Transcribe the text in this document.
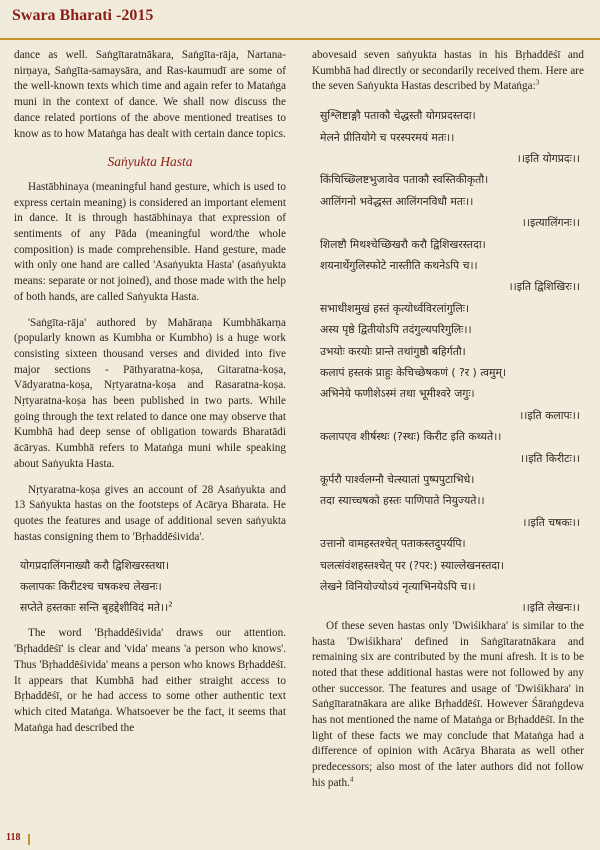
Swara Bharati -2015

dance as well. Saṅgītaratnākara, Saṅgīta-rāja, Nartana-nirṇaya, Saṅgīta-samaysāra, and Ras-kaumudī are some of the well-known texts which time and again refer to Mataṅga muni in the context of dance. We shall now discuss the dance related portions of the above mentioned treatises to know as to how Mataṅga has dealt with certain dance topics.

Saṅyukta Hasta

Hastābhinaya (meaningful hand gesture, which is used to express certain meaning) is considered an important element in dance. It is through hastābhinaya that expression of sentiments of any Pāda (meaningful word/the whole composition) is made comprehensible. Hand gesture, made with only one hand are called 'Asaṅyukta Hasta' (asaṅyukta means: separate or not joined), and those made with the help of both hands, are called Saṅyukta Hasta.

'Saṅgīta-rāja' authored by Mahāraṇa Kumbhākarṇa (popularly known as Kumbha or Kumbho) is a huge work consisting sixteen thousand verses and divided into five major sections - Pāthyaratna-koṣa, Gitaratna-koṣa, Vādyaratna-koṣa, Nṛtyaratna-koṣa and Rasaratna-koṣa. Nṛtyaratna-koṣa has been published in two parts. While going through the text related to dance one may observe that Kumbhā had deep sense of obligation towards Bharatādi ācāryas. Kumbhā refers to Mataṅga muni while speaking about Saṅyukta Hasta.

Nṛtyaratna-koṣa gives an account of 28 Asaṅyukta and 13 Saṅyukta hastas on the footsteps of Acārya Bharata. He quotes the features and usage of additional seven saṅyukta hastas consigning them to 'Bṛhaddēśivida'.

योगप्रदालिंगनाख्यौ करौ द्विशिखरस्तथा।
कलापकः किरीटश्च चषकश्च लेखनः।
सप्तेते हस्तकाः सन्ति बृहद्देशीविदं मते।।$^2$

The word 'Bṛhaddēśivida' draws our attention. 'Bṛhaddēśī' is clear and 'vida' means 'a person who knows'. Thus 'Bṛhaddēśivida' means a person who knows Bṛhaddēśī. It appears that Kumbhā had either straight access to Bṛhaddēśī, or he had access to some other authentic text which cited Mataṅga. Whatsoever be the fact, it seems that Mataṅga had described the

abovesaid seven saṅyukta hastas in his Bṛhaddēśī and Kumbhā had directly or secondarily received them. Here are the seven Saṅyukta Hastas described by Mataṅga:$^3$

सुश्लिष्टाङ्गौ पताकौ चेद्धस्तौ योगप्रदस्तदा।
मेलने प्रीतियोगे च परस्परमयं मतः।।
।।इति योगप्रदः।।
किंचिच्छ्लिष्टभुजावेव पताकौ स्वस्तिकीकृतौ।
आलिंगनो भवेद्धस्त आलिंगनविधौ मतः।।
।।इत्यालिंगनः।।
शिलष्टौ मिथश्चेच्छिखरौ करौ द्विशिखरस्तदा।
शयनार्थेगुलिस्फोटे नास्तीति कथनेऽपि च।।
।।इति द्विशिखिरः।।
सभाधीशमुखं हस्तं कृत्योर्ध्वविरलांगुलिः।
अस्य पृष्ठे द्वितीयोऽपि तदंगुल्यपरिगुलिः।।
उभयोः करयोः प्रान्ते तथांगुष्ठौ बहिर्गतौ।
कलापं हस्तकं प्राहुः केचिच्छेषकणं ( ?र ) त्वमुम्।
अभिनेये फणीशेऽस्मं तथा भूमीश्वरे जगुः।
।।इति कलापः।।
कलापएव शीर्षस्थः (?स्थः) किरीट इति कथ्यते।।
।।इति किरीटः।।
कूर्परौ पार्श्वलग्नौ चेत्स्यातां पुष्पपुटाभिधे।
तदा स्याच्चषको हस्तः पाणिपाते नियुज्यते।।
।।इति चषकः।।
उत्तानो वामहस्तश्चेत् पताकस्तदुपर्यपि।
चलत्संवंशहस्तश्चेत् पर (?पर:) स्याल्लेखनस्तदा।
लेखने विनियोज्योऽयं नृत्याभिनयेऽपि च।।
।।इति लेखनः।।

Of these seven hastas only 'Dwiśikhara' is similar to the hasta 'Dwiśikhara' defined in Saṅgītaratnākara and remaining six are contributed by the muni afresh. It is to be noted that these additional hastas were not followed by any other successor. The features and usage of 'Dwiśikhara' in Saṅgītaratnākara are alike Bṛhaddēśī. However Śāraṅgdeva has not mentioned the name of Mataṅga or Bṛhaddēśī. In the light of these facts we may conclude that Mataṅga had a difference of opinion with Acārya Bharata as well other predecessors; also most of the later authors did not follow his path.$^4$

118
